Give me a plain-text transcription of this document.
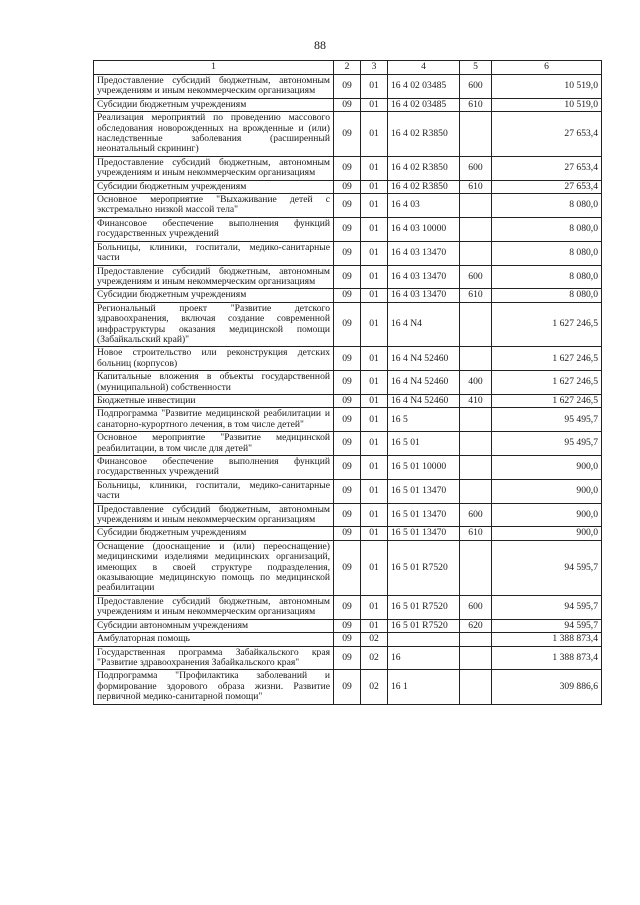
88
1	2	3	4	5	6
Предоставление субсидий бюджетным, автономным учреждениям и иным некоммерческим организациям	09	01	16 4 02 03485	600	10 519,0
Субсидии бюджетным учреждениям	09	01	16 4 02 03485	610	10 519,0
Реализация мероприятий по проведению массового обследования новорожденных на врожденные и (или) наследственные заболевания (расширенный неонатальный скрининг)	09	01	16 4 02 R3850		27 653,4
Предоставление субсидий бюджетным, автономным учреждениям и иным некоммерческим организациям	09	01	16 4 02 R3850	600	27 653,4
Субсидии бюджетным учреждениям	09	01	16 4 02 R3850	610	27 653,4
Основное мероприятие "Выхаживание детей с экстремально низкой массой тела"	09	01	16 4 03		8 080,0
Финансовое обеспечение выполнения функций государственных учреждений	09	01	16 4 03 10000		8 080,0
Больницы, клиники, госпитали, медико-санитарные части	09	01	16 4 03 13470		8 080,0
Предоставление субсидий бюджетным, автономным учреждениям и иным некоммерческим организациям	09	01	16 4 03 13470	600	8 080,0
Субсидии бюджетным учреждениям	09	01	16 4 03 13470	610	8 080,0
Региональный проект "Развитие детского здравоохранения, включая создание современной инфраструктуры оказания медицинской помощи (Забайкальский край)"	09	01	16 4 N4		1 627 246,5
Новое строительство или реконструкция детских больниц (корпусов)	09	01	16 4 N4 52460		1 627 246,5
Капитальные вложения в объекты государственной (муниципальной) собственности	09	01	16 4 N4 52460	400	1 627 246,5
Бюджетные инвестиции	09	01	16 4 N4 52460	410	1 627 246,5
Подпрограмма "Развитие медицинской реабилитации и санаторно-курортного лечения, в том числе детей"	09	01	16 5		95 495,7
Основное мероприятие "Развитие медицинской реабилитации, в том числе для детей"	09	01	16 5 01		95 495,7
Финансовое обеспечение выполнения функций государственных учреждений	09	01	16 5 01 10000		900,0
Больницы, клиники, госпитали, медико-санитарные части	09	01	16 5 01 13470		900,0
Предоставление субсидий бюджетным, автономным учреждениям и иным некоммерческим организациям	09	01	16 5 01 13470	600	900,0
Субсидии бюджетным учреждениям	09	01	16 5 01 13470	610	900,0
Оснащение (дооснащение и (или) переоснащение) медицинскими изделиями медицинских организаций, имеющих в своей структуре подразделения, оказывающие медицинскую помощь по медицинской реабилитации	09	01	16 5 01 R7520		94 595,7
Предоставление субсидий бюджетным, автономным учреждениям и иным некоммерческим организациям	09	01	16 5 01 R7520	600	94 595,7
Субсидии автономным учреждениям	09	01	16 5 01 R7520	620	94 595,7
Амбулаторная помощь	09	02			1 388 873,4
Государственная программа Забайкальского края "Развитие здравоохранения Забайкальского края"	09	02	16		1 388 873,4
Подпрограмма "Профилактика заболеваний и формирование здорового образа жизни. Развитие первичной медико-санитарной помощи"	09	02	16 1		309 886,6
